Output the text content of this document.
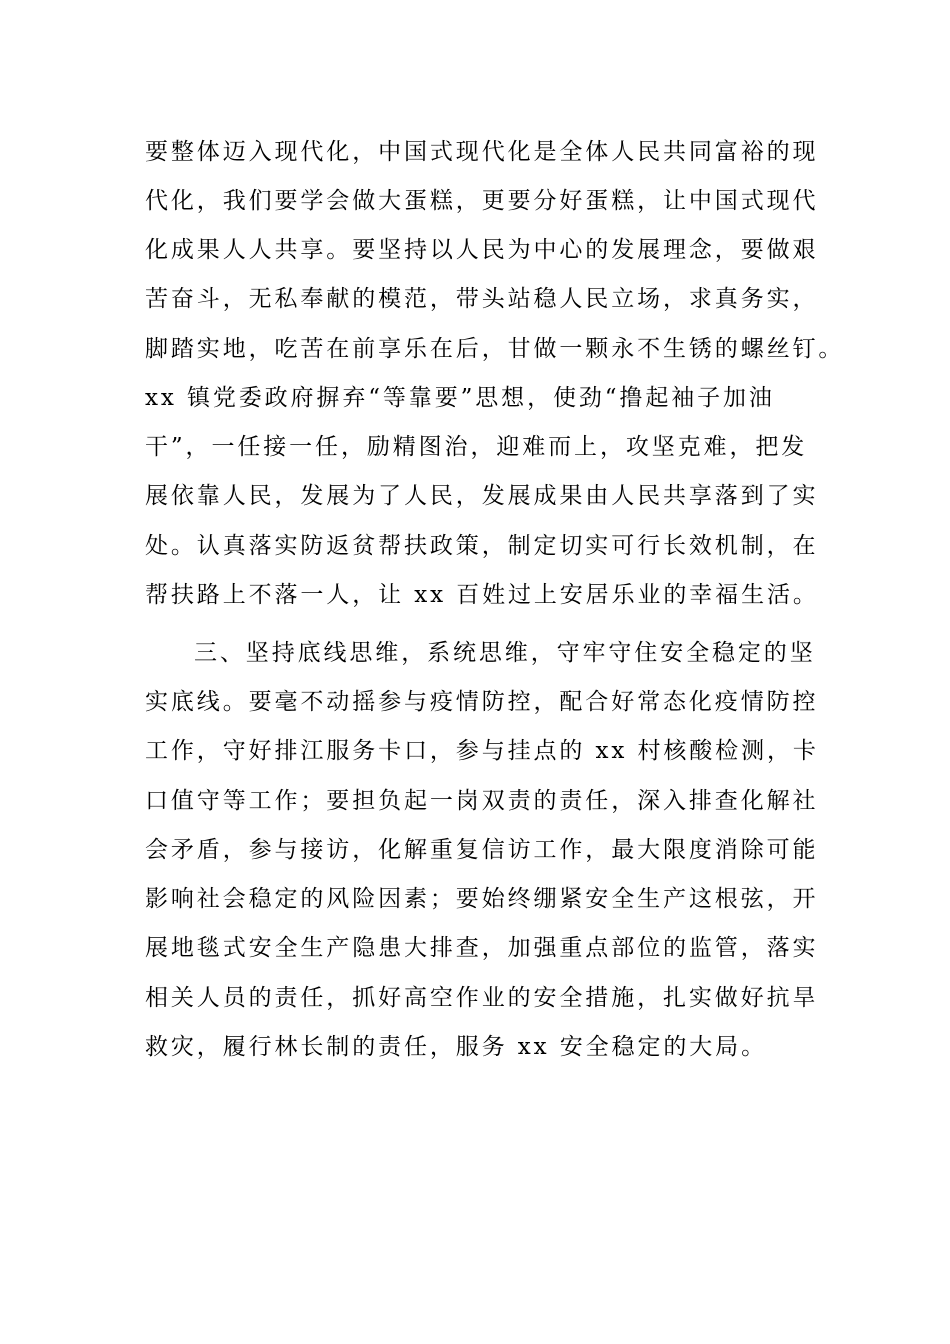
要整体迈入现代化，中国式现代化是全体人民共同富裕的现
代化，我们要学会做大蛋糕，更要分好蛋糕，让中国式现代
化成果人人共享。要坚持以人民为中心的发展理念，要做艰
苦奋斗，无私奉献的模范，带头站稳人民立场，求真务实，
脚踏实地，吃苦在前享乐在后，甘做一颗永不生锈的螺丝钉。
xx 镇党委政府摒弃“等靠要”思想，使劲“撸起袖子加油
干”，一任接一任，励精图治，迎难而上，攻坚克难，把发
展依靠人民，发展为了人民，发展成果由人民共享落到了实
处。认真落实防返贫帮扶政策，制定切实可行长效机制，在
帮扶路上不落一人，让 xx 百姓过上安居乐业的幸福生活。
三、坚持底线思维，系统思维，守牢守住安全稳定的坚
实底线。要毫不动摇参与疫情防控，配合好常态化疫情防控
工作，守好排江服务卡口，参与挂点的 xx 村核酸检测，卡
口值守等工作；要担负起一岗双责的责任，深入排查化解社
会矛盾，参与接访，化解重复信访工作，最大限度消除可能
影响社会稳定的风险因素；要始终绷紧安全生产这根弦，开
展地毯式安全生产隐患大排查，加强重点部位的监管，落实
相关人员的责任，抓好高空作业的安全措施，扎实做好抗旱
救灾，履行林长制的责任，服务 xx 安全稳定的大局。
